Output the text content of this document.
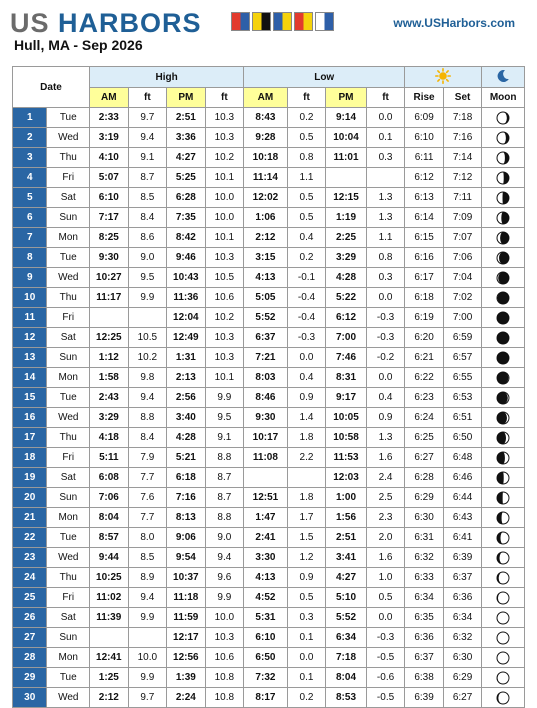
US HARBORS	www.USHarbors.com
Hull, MA - Sep 2026
Date		High				Low		
		AM	ft	PM	ft	AM	ft	PM	ft	Rise	Set	Moon
1	Tue	2:33	9.7	2:51	10.3	8:43	0.2	9:14	0.0	6:09	7:18	

2	Wed	3:19	9.4	3:36	10.3	9:28	0.5	10:04	0.1	6:10	7:16	

3	Thu	4:10	9.1	4:27	10.2	10:18	0.8	11:01	0.3	6:11	7:14	

4	Fri	5:07	8.7	5:25	10.1	11:14	1.1			6:12	7:12	

5	Sat	6:10	8.5	6:28	10.0	12:02	0.5	12:15	1.3	6:13	7:11	

6	Sun	7:17	8.4	7:35	10.0	1:06	0.5	1:19	1.3	6:14	7:09	

7	Mon	8:25	8.6	8:42	10.1	2:12	0.4	2:25	1.1	6:15	7:07	

8	Tue	9:30	9.0	9:46	10.3	3:15	0.2	3:29	0.8	6:16	7:06	

9	Wed	10:27	9.5	10:43	10.5	4:13	-0.1	4:28	0.3	6:17	7:04	

10	Thu	11:17	9.9	11:36	10.6	5:05	-0.4	5:22	0.0	6:18	7:02	

11	Fri			12:04	10.2	5:52	-0.4	6:12	-0.3	6:19	7:00	

12	Sat	12:25	10.5	12:49	10.3	6:37	-0.3	7:00	-0.3	6:20	6:59	

13	Sun	1:12	10.2	1:31	10.3	7:21	0.0	7:46	-0.2	6:21	6:57	

14	Mon	1:58	9.8	2:13	10.1	8:03	0.4	8:31	0.0	6:22	6:55	

15	Tue	2:43	9.4	2:56	9.9	8:46	0.9	9:17	0.4	6:23	6:53	

16	Wed	3:29	8.8	3:40	9.5	9:30	1.4	10:05	0.9	6:24	6:51	

17	Thu	4:18	8.4	4:28	9.1	10:17	1.8	10:58	1.3	6:25	6:50	

18	Fri	5:11	7.9	5:21	8.8	11:08	2.2	11:53	1.6	6:27	6:48	

19	Sat	6:08	7.7	6:18	8.7			12:03	2.4	6:28	6:46	

20	Sun	7:06	7.6	7:16	8.7	12:51	1.8	1:00	2.5	6:29	6:44	

21	Mon	8:04	7.7	8:13	8.8	1:47	1.7	1:56	2.3	6:30	6:43	

22	Tue	8:57	8.0	9:06	9.0	2:41	1.5	2:51	2.0	6:31	6:41	

23	Wed	9:44	8.5	9:54	9.4	3:30	1.2	3:41	1.6	6:32	6:39	

24	Thu	10:25	8.9	10:37	9.6	4:13	0.9	4:27	1.0	6:33	6:37	

25	Fri	11:02	9.4	11:18	9.9	4:52	0.5	5:10	0.5	6:34	6:36	

26	Sat	11:39	9.9	11:59	10.0	5:31	0.3	5:52	0.0	6:35	6:34	

27	Sun			12:17	10.3	6:10	0.1	6:34	-0.3	6:36	6:32	

28	Mon	12:41	10.0	12:56	10.6	6:50	0.0	7:18	-0.5	6:37	6:30	

29	Tue	1:25	9.9	1:39	10.8	7:32	0.1	8:04	-0.6	6:38	6:29	

30	Wed	2:12	9.7	2:24	10.8	8:17	0.2	8:53	-0.5	6:39	6:27	
